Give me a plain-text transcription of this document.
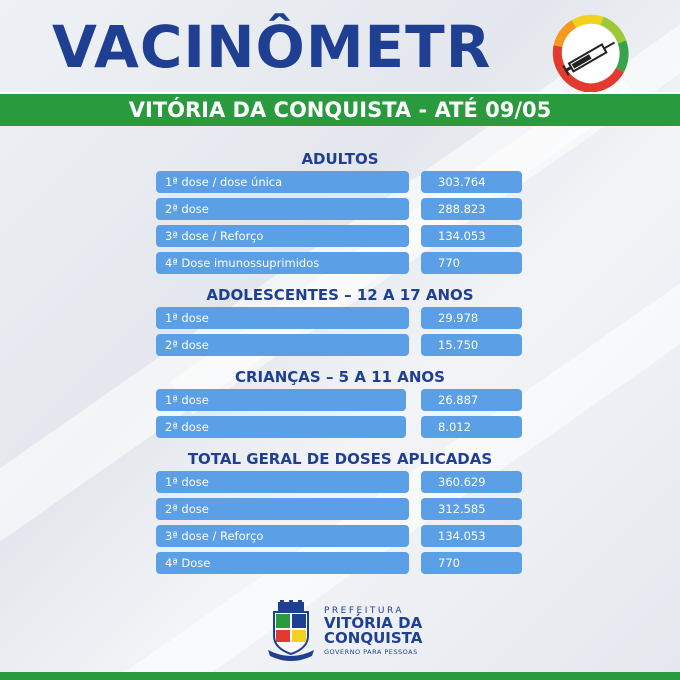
VACINÔMETR
VITÓRIA DA CONQUISTA - ATÉ 09/05
ADULTOS
1ª dose / dose única	303.764
2ª dose	288.823
3ª dose / Reforço	134.053
4ª Dose imunossuprimidos	770
ADOLESCENTES – 12 A 17 ANOS
1ª dose	29.978
2ª dose	15.750
CRIANÇAS – 5 A 11 ANOS
1ª dose	26.887
2ª dose	8.012
TOTAL GERAL DE DOSES APLICADAS
1ª dose	360.629
2ª dose	312.585
3ª dose / Reforço	134.053
4ª Dose	770
PREFEITURA
VITÓRIA DA
CONQUISTA
GOVERNO PARA PESSOAS
